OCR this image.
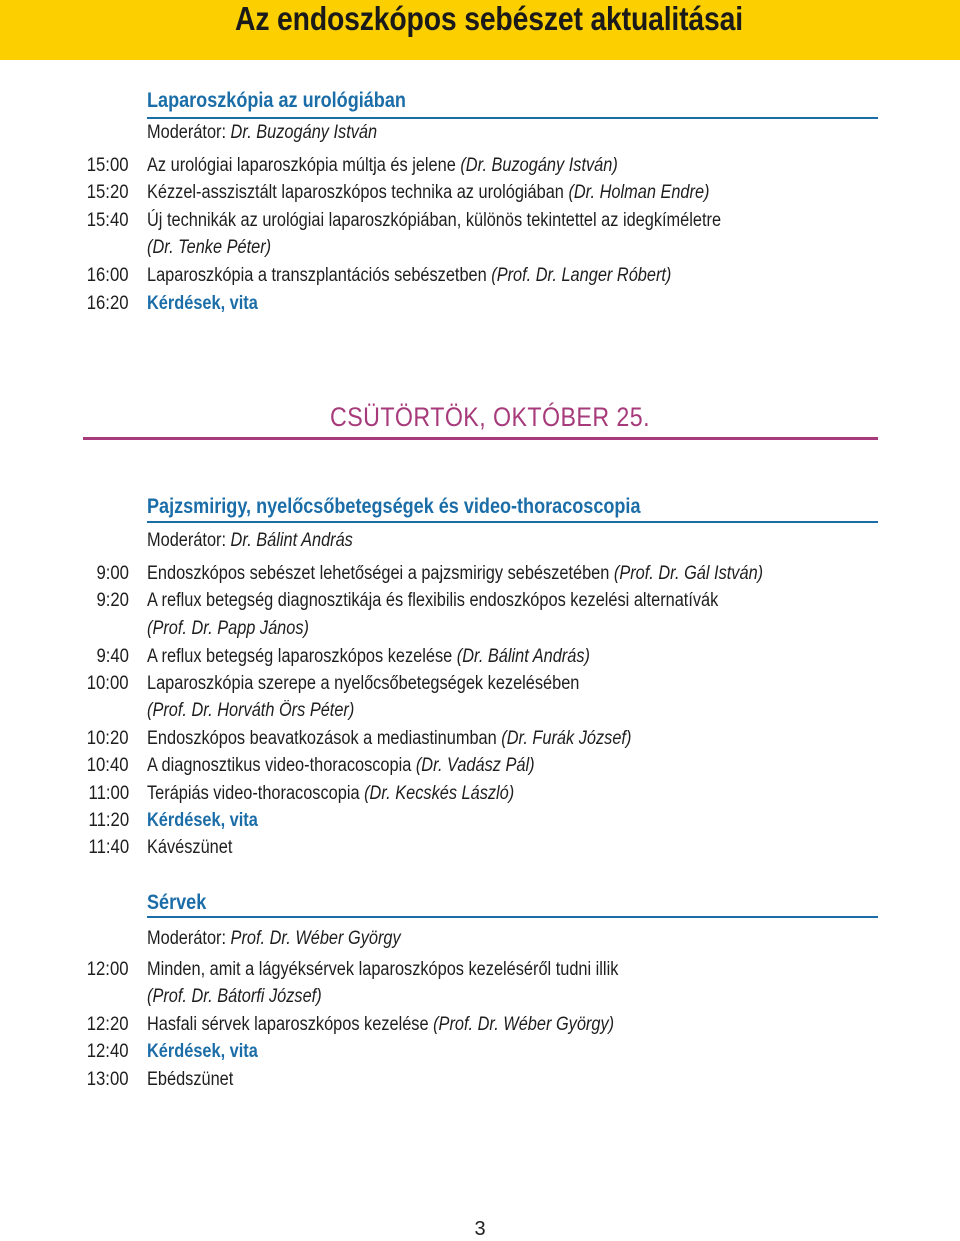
Az endoszkópos sebészet aktualitásai
Laparoszkópia az urológiában
Moderátor: Dr. Buzogány István
15:00 Az urológiai laparoszkópia múltja és jelene (Dr. Buzogány István)
15:20 Kézzel-asszisztált laparoszkópos technika az urológiában (Dr. Holman Endre)
15:40 Új technikák az urológiai laparoszkópiában, különös tekintettel az idegkíméletre
(Dr. Tenke Péter)
16:00 Laparoszkópia a transzplantációs sebészetben (Prof. Dr. Langer Róbert)
16:20 Kérdések, vita
CSÜTÖRTÖK, OKTÓBER 25.
Pajzsmirigy, nyelőcsőbetegségek és video-thoracoscopia
Moderátor: Dr. Bálint András
9:00 Endoszkópos sebészet lehetőségei a pajzsmirigy sebészetében (Prof. Dr. Gál István)
9:20 A reflux betegség diagnosztikája és flexibilis endoszkópos kezelési alternatívák
(Prof. Dr. Papp János)
9:40 A reflux betegség laparoszkópos kezelése (Dr. Bálint András)
10:00 Laparoszkópia szerepe a nyelőcsőbetegségek kezelésében
(Prof. Dr. Horváth Örs Péter)
10:20 Endoszkópos beavatkozások a mediastinumban (Dr. Furák József)
10:40 A diagnosztikus video-thoracoscopia (Dr. Vadász Pál)
11:00 Terápiás video-thoracoscopia (Dr. Kecskés László)
11:20 Kérdések, vita
11:40 Kávészünet
Sérvek
Moderátor: Prof. Dr. Wéber György
12:00 Minden, amit a lágyéksérvek laparoszkópos kezeléséről tudni illik
(Prof. Dr. Bátorfi József)
12:20 Hasfali sérvek laparoszkópos kezelése (Prof. Dr. Wéber György)
12:40 Kérdések, vita
13:00 Ebédszünet
3
